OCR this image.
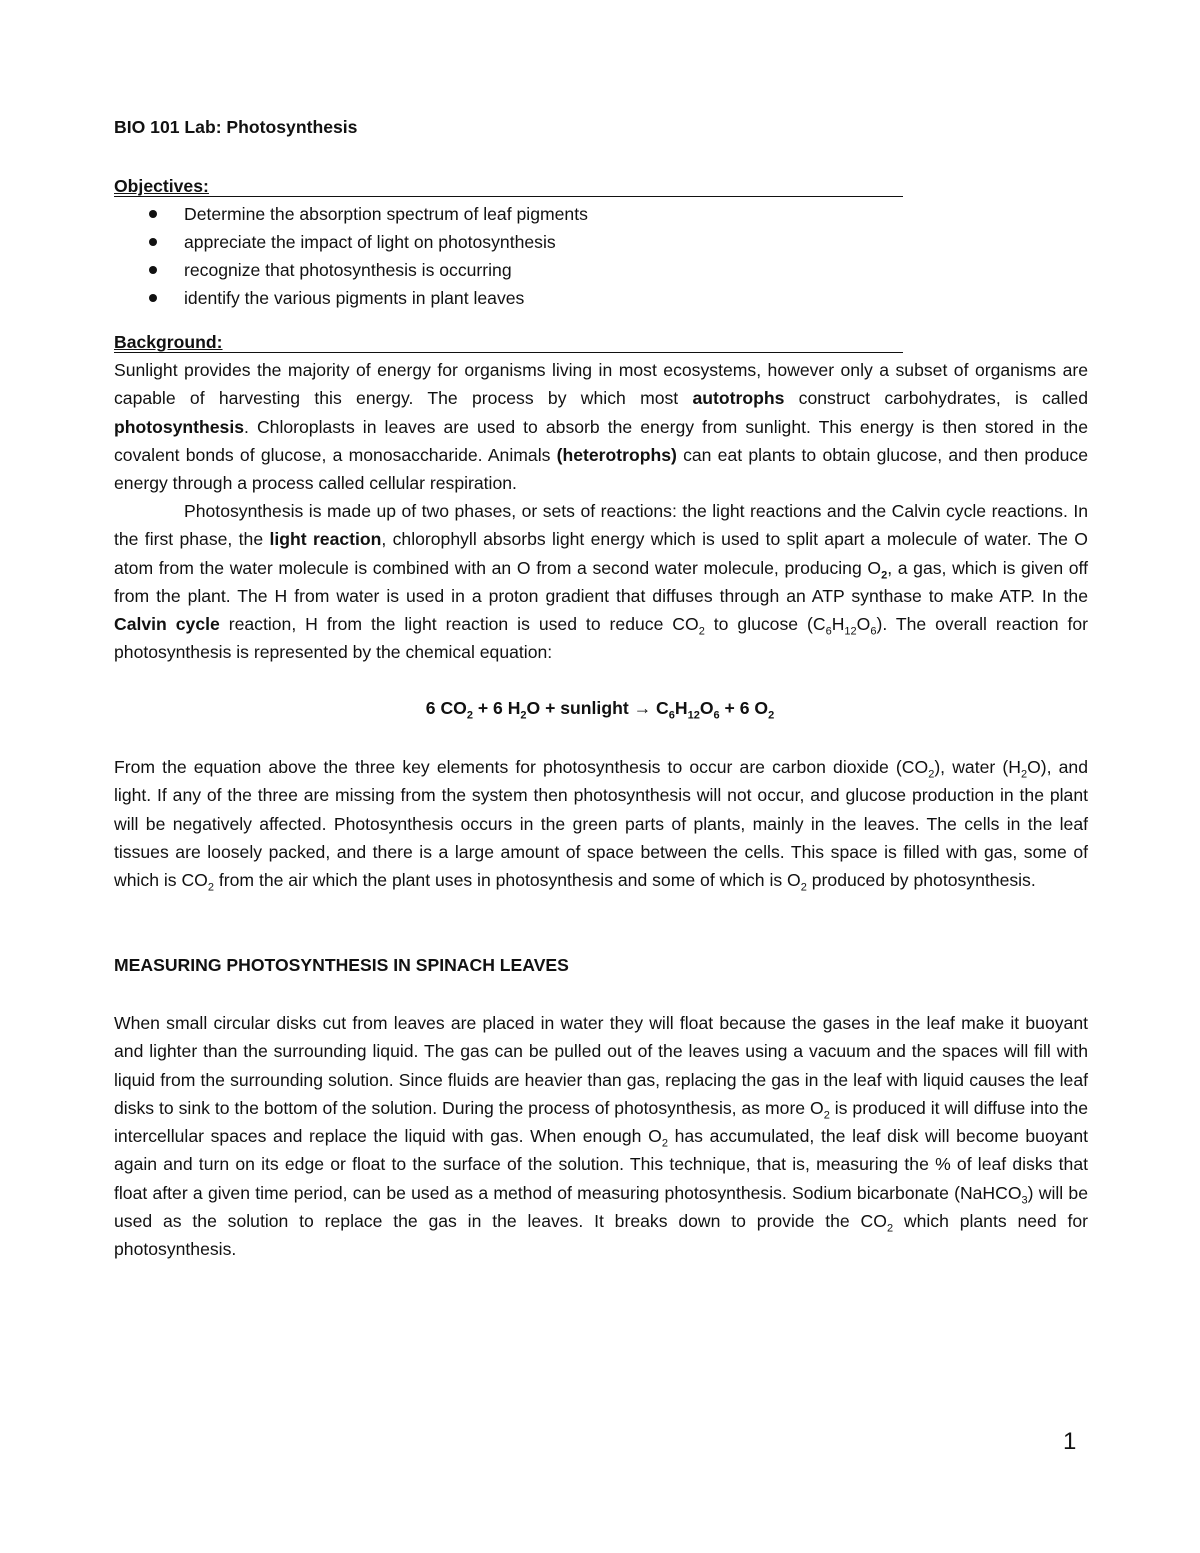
BIO 101 Lab: Photosynthesis
Objectives:
Determine the absorption spectrum of leaf pigments
appreciate the impact of light on photosynthesis
recognize that photosynthesis is occurring
identify the various pigments in plant leaves
Background:

Sunlight provides the majority of energy for organisms living in most ecosystems, however only a subset of organisms are capable of harvesting this energy. The process by which most autotrophs construct carbohydrates, is called photosynthesis. Chloroplasts in leaves are used to absorb the energy from sunlight. This energy is then stored in the covalent bonds of glucose, a monosaccharide. Animals (heterotrophs) can eat plants to obtain glucose, and then produce energy through a process called cellular respiration.

Photosynthesis is made up of two phases, or sets of reactions: the light reactions and the Calvin cycle reactions. In the first phase, the light reaction, chlorophyll absorbs light energy which is used to split apart a molecule of water. The O atom from the water molecule is combined with an O from a second water molecule, producing $O_2$, a gas, which is given off from the plant. The H from water is used in a proton gradient that diffuses through an ATP synthase to make ATP. In the Calvin cycle reaction, H from the light reaction is used to reduce $CO_2$ to glucose $(C_6H_{12}O_6)$. The overall reaction for photosynthesis is represented by the chemical equation:

6 $CO_2 + 6$ $H_2O$ + sunlight → $C_6H_{12}O_6 + 6$ $O_2$

From the equation above the three key elements for photosynthesis to occur are carbon dioxide $(CO_2)$, water $(H_2O)$, and light. If any of the three are missing from the system then photosynthesis will not occur, and glucose production in the plant will be negatively affected. Photosynthesis occurs in the green parts of plants, mainly in the leaves. The cells in the leaf tissues are loosely packed, and there is a large amount of space between the cells. This space is filled with gas, some of which is $CO_2$ from the air which the plant uses in photosynthesis and some of which is $O_2$ produced by photosynthesis.

MEASURING PHOTOSYNTHESIS IN SPINACH LEAVES

When small circular disks cut from leaves are placed in water they will float because the gases in the leaf make it buoyant and lighter than the surrounding liquid. The gas can be pulled out of the leaves using a vacuum and the spaces will fill with liquid from the surrounding solution. Since fluids are heavier than gas, replacing the gas in the leaf with liquid causes the leaf disks to sink to the bottom of the solution. During the process of photosynthesis, as more $O_2$ is produced it will diffuse into the intercellular spaces and replace the liquid with gas. When enough $O_2$ has accumulated, the leaf disk will become buoyant again and turn on its edge or float to the surface of the solution. This technique, that is, measuring the % of leaf disks that float after a given time period, can be used as a method of measuring photosynthesis. Sodium bicarbonate (NaHCO$_3$) will be used as the solution to replace the gas in the leaves. It breaks down to provide the $CO_2$ which plants need for photosynthesis.

1
